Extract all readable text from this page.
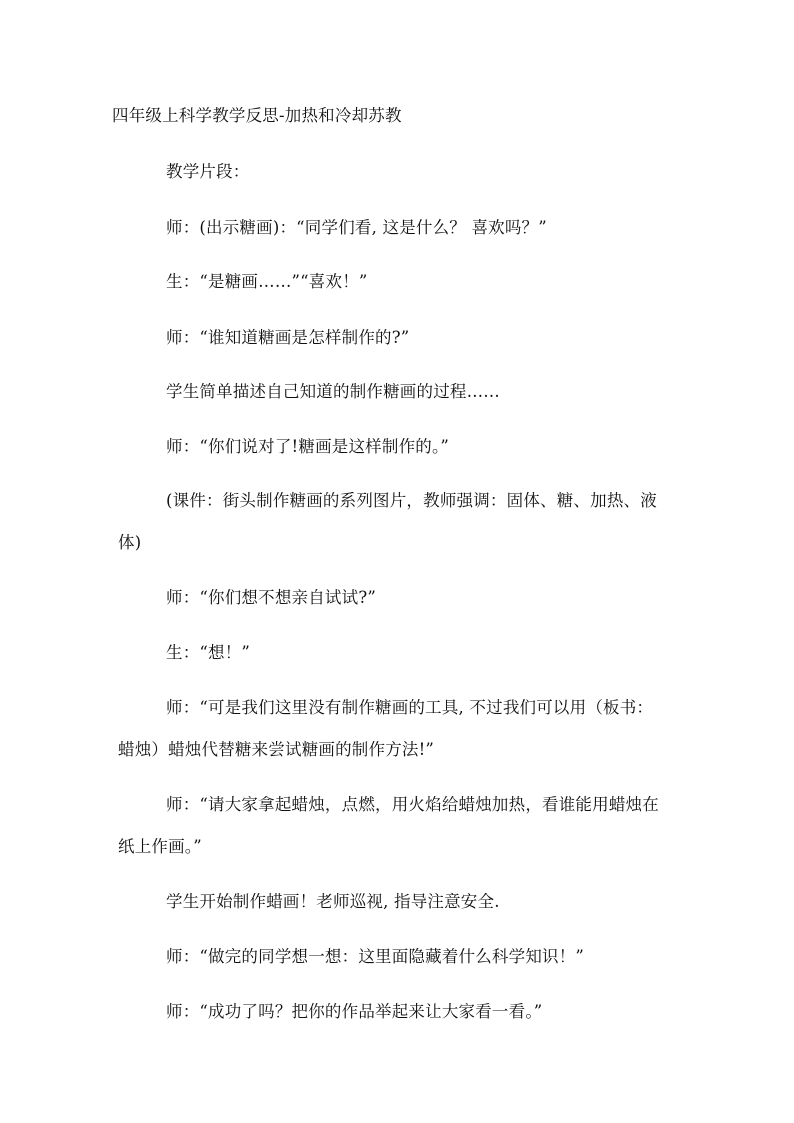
四年级上科学教学反思-加热和冷却苏教
教学片段：
师：(出示糖画)：“同学们看, 这是什么？ 喜欢吗？”
生：“是糖画……”“喜欢！”
师：“谁知道糖画是怎样制作的?”
学生简单描述自己知道的制作糖画的过程……
师：“你们说对了!糖画是这样制作的。”
(课件：街头制作糖画的系列图片，教师强调：固体、糖、加热、液
体)
师：“你们想不想亲自试试?”
生：“想！”
师：“可是我们这里没有制作糖画的工具, 不过我们可以用（板书：
蜡烛）蜡烛代替糖来尝试糖画的制作方法!”
师：“请大家拿起蜡烛，点燃，用火焰给蜡烛加热，看谁能用蜡烛在
纸上作画。”
学生开始制作蜡画！老师巡视, 指导注意安全.
师：“做完的同学想一想：这里面隐藏着什么科学知识！”
师：“成功了吗？把你的作品举起来让大家看一看。”
